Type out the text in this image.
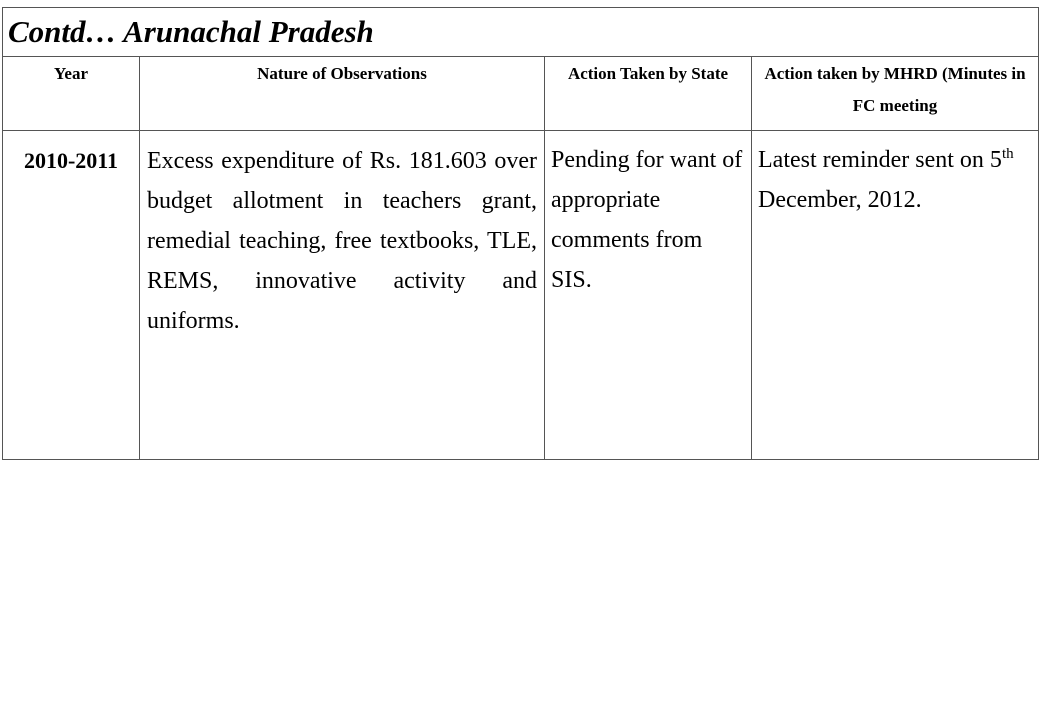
Contd… Arunachal Pradesh			
Year	Nature of Observations	Action Taken by State	Action taken by MHRD (Minutes in FC meeting
2010-2011	Excess expenditure of Rs. 181.603 over budget allotment in teachers grant, remedial teaching, free textbooks, TLE, REMS, innovative activity and uniforms.	Pending for want of appropriate comments from SIS.	Latest reminder sent on 5th December, 2012.
